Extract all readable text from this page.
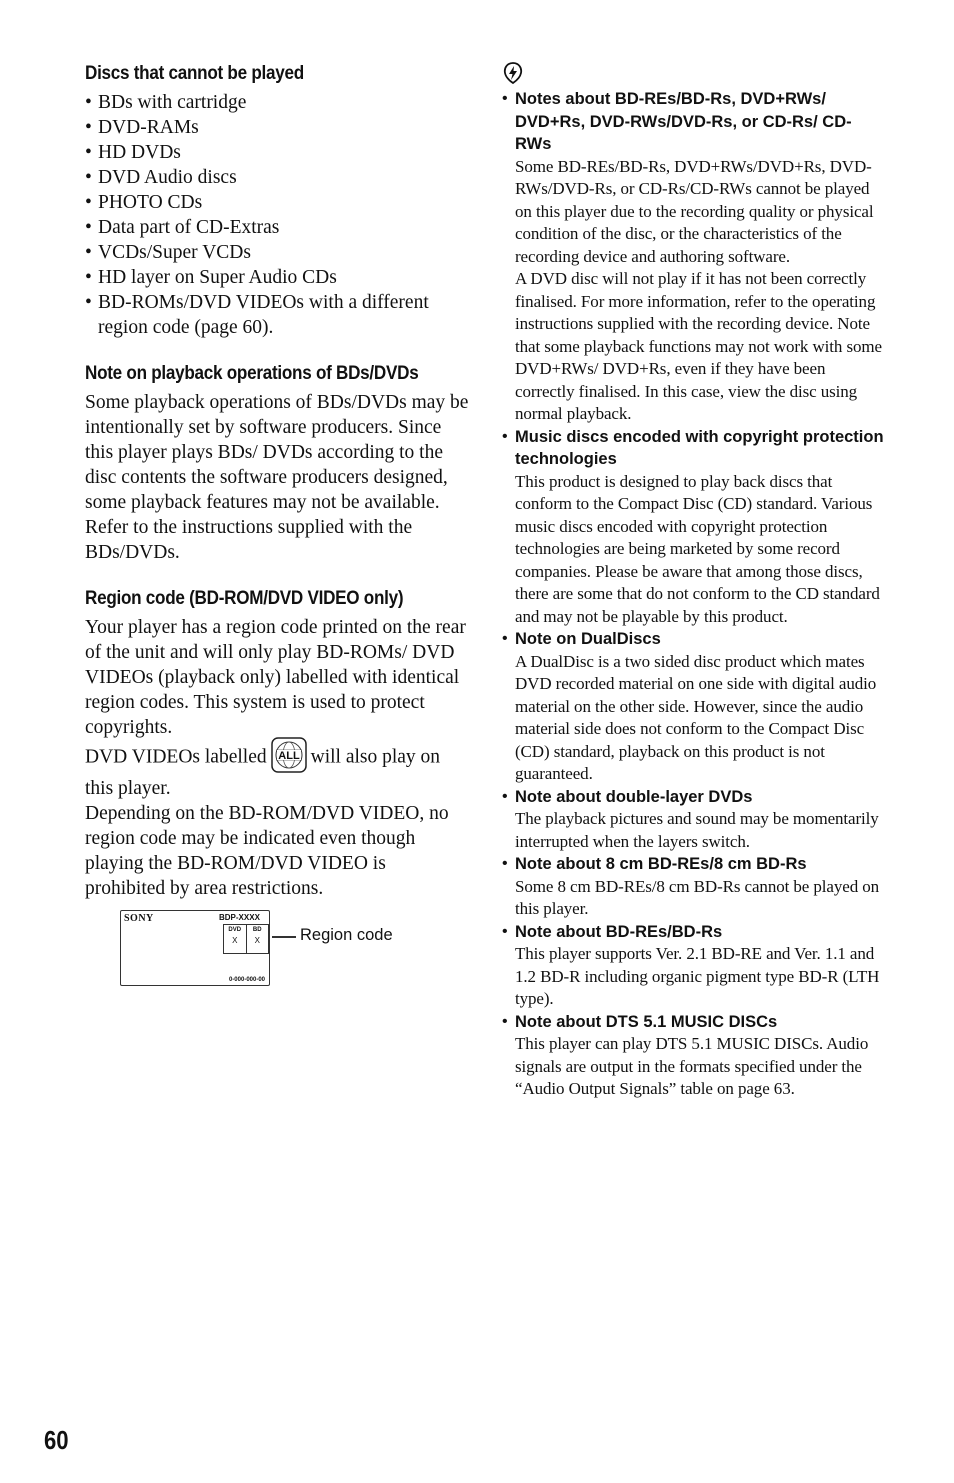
Discs that cannot be played
• BDs with cartridge
• DVD-RAMs
• HD DVDs
• DVD Audio discs
• PHOTO CDs
• Data part of CD-Extras
• VCDs/Super VCDs
• HD layer on Super Audio CDs
• BD-ROMs/DVD VIDEOs with a different region code (page 60).
Note on playback operations of BDs/DVDs

Some playback operations of BDs/DVDs may be intentionally set by software producers. Since this player plays BDs/ DVDs according to the disc contents the software producers designed, some playback features may not be available. Refer to the instructions supplied with the BDs/DVDs.

Region code (BD-ROM/DVD VIDEO only)

Your player has a region code printed on the rear of the unit and will only play BD-ROMs/ DVD VIDEOs (playback only) labelled with identical region codes. This system is used to protect copyrights.

DVD VIDEOs labelled ALL will also play on this player.

Depending on the BD-ROM/DVD VIDEO, no region code may be indicated even though playing the BD-ROM/DVD VIDEO is prohibited by area restrictions.

SONY	BDP-XXXX
DVD
X
BD
X
0-000-000-00
Region code

• Notes about BD-REs/BD-Rs, DVD+RWs/ DVD+Rs, DVD-RWs/DVD-Rs, or CD-Rs/ CD-RWs

Some BD-REs/BD-Rs, DVD+RWs/DVD+Rs, DVD-RWs/DVD-Rs, or CD-Rs/CD-RWs cannot be played on this player due to the recording quality or physical condition of the disc, or the characteristics of the recording device and authoring software.

A DVD disc will not play if it has not been correctly finalised. For more information, refer to the operating instructions supplied with the recording device. Note that some playback functions may not work with some DVD+RWs/ DVD+Rs, even if they have been correctly finalised. In this case, view the disc using normal playback.

• Music discs encoded with copyright protection technologies

This product is designed to play back discs that conform to the Compact Disc (CD) standard. Various music discs encoded with copyright protection technologies are being marketed by some record companies. Please be aware that among those discs, there are some that do not conform to the CD standard and may not be playable by this product.

• Note on DualDiscs

A DualDisc is a two sided disc product which mates DVD recorded material on one side with digital audio material on the other side. However, since the audio material side does not conform to the Compact Disc (CD) standard, playback on this product is not guaranteed.

• Note about double-layer DVDs

The playback pictures and sound may be momentarily interrupted when the layers switch.

• Note about 8 cm BD-REs/8 cm BD-Rs

Some 8 cm BD-REs/8 cm BD-Rs cannot be played on this player.

• Note about BD-REs/BD-Rs

This player supports Ver. 2.1 BD-RE and Ver. 1.1 and 1.2 BD-R including organic pigment type BD-R (LTH type).

• Note about DTS 5.1 MUSIC DISCs

This player can play DTS 5.1 MUSIC DISCs. Audio signals are output in the formats specified under the “Audio Output Signals” table on page 63.

60
